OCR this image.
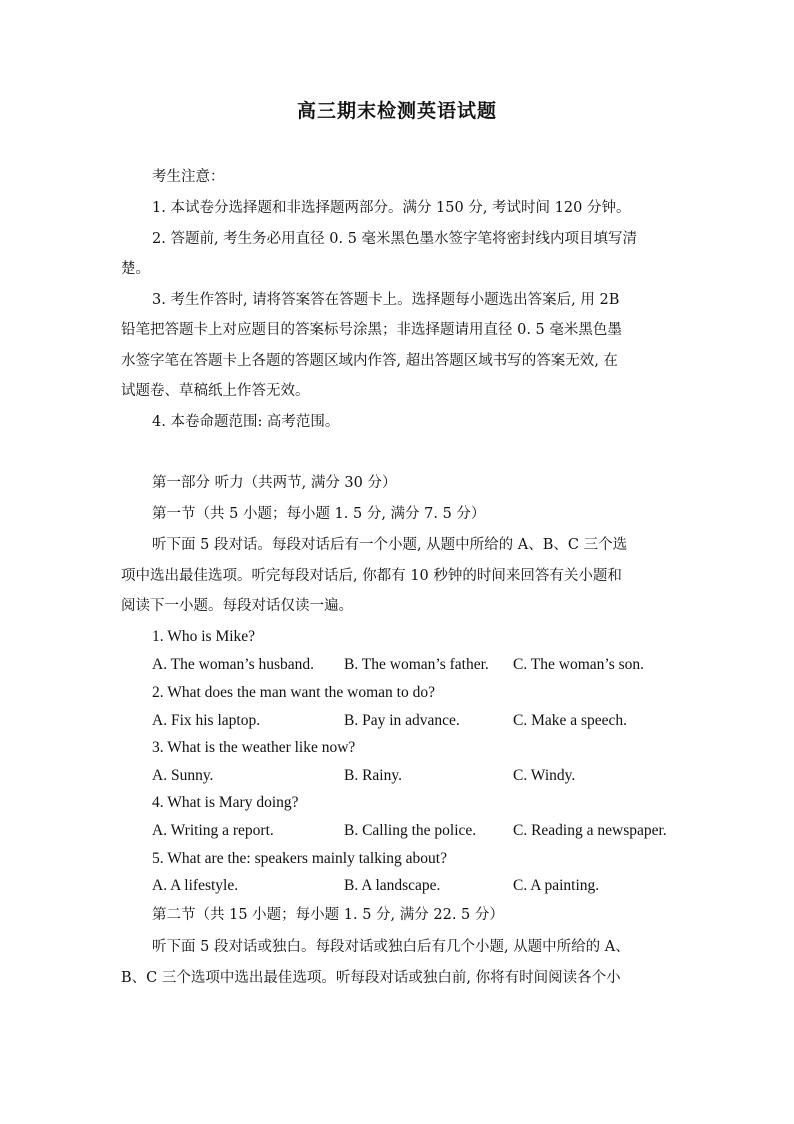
高三期末检测英语试题
考生注意：
1. 本试卷分选择题和非选择题两部分。满分 150 分, 考试时间 120 分钟。
2. 答题前, 考生务必用直径 0. 5 毫米黑色墨水签字笔将密封线内项目填写清
楚。
3. 考生作答时, 请将答案答在答题卡上。选择题每小题选出答案后, 用 2B
铅笔把答题卡上对应题目的答案标号涂黑；非选择题请用直径 0. 5 毫米黑色墨
水签字笔在答题卡上各题的答题区域内作答, 超出答题区域书写的答案无效, 在
试题卷、草稿纸上作答无效。
4. 本卷命题范围: 高考范围。
第一部分 听力（共两节, 满分 30 分）
第一节（共 5 小题；每小题 1. 5 分, 满分 7. 5 分）
听下面 5 段对话。每段对话后有一个小题, 从题中所给的 A、B、C 三个选
项中选出最佳选项。听完每段对话后, 你都有 10 秒钟的时间来回答有关小题和
阅读下一小题。每段对话仅读一遍。
1. Who is Mike?
A. The woman’s husband. B. The woman’s father. C. The woman’s son.
2. What does the man want the woman to do?
A. Fix his laptop.	B. Pay in advance.	C. Make a speech.
3. What is the weather like now?
A. Sunny.	B. Rainy.	C. Windy.
4. What is Mary doing?
A. Writing a report.	B. Calling the police. C. Reading a newspaper.
5. What are the: speakers mainly talking about?
A. A lifestyle.	B. A landscape.	C. A painting.
第二节（共 15 小题；每小题 1. 5 分, 满分 22. 5 分）
听下面 5 段对话或独白。每段对话或独白后有几个小题, 从题中所给的 A、
B、C 三个选项中选出最佳选项。听每段对话或独白前, 你将有时间阅读各个小
